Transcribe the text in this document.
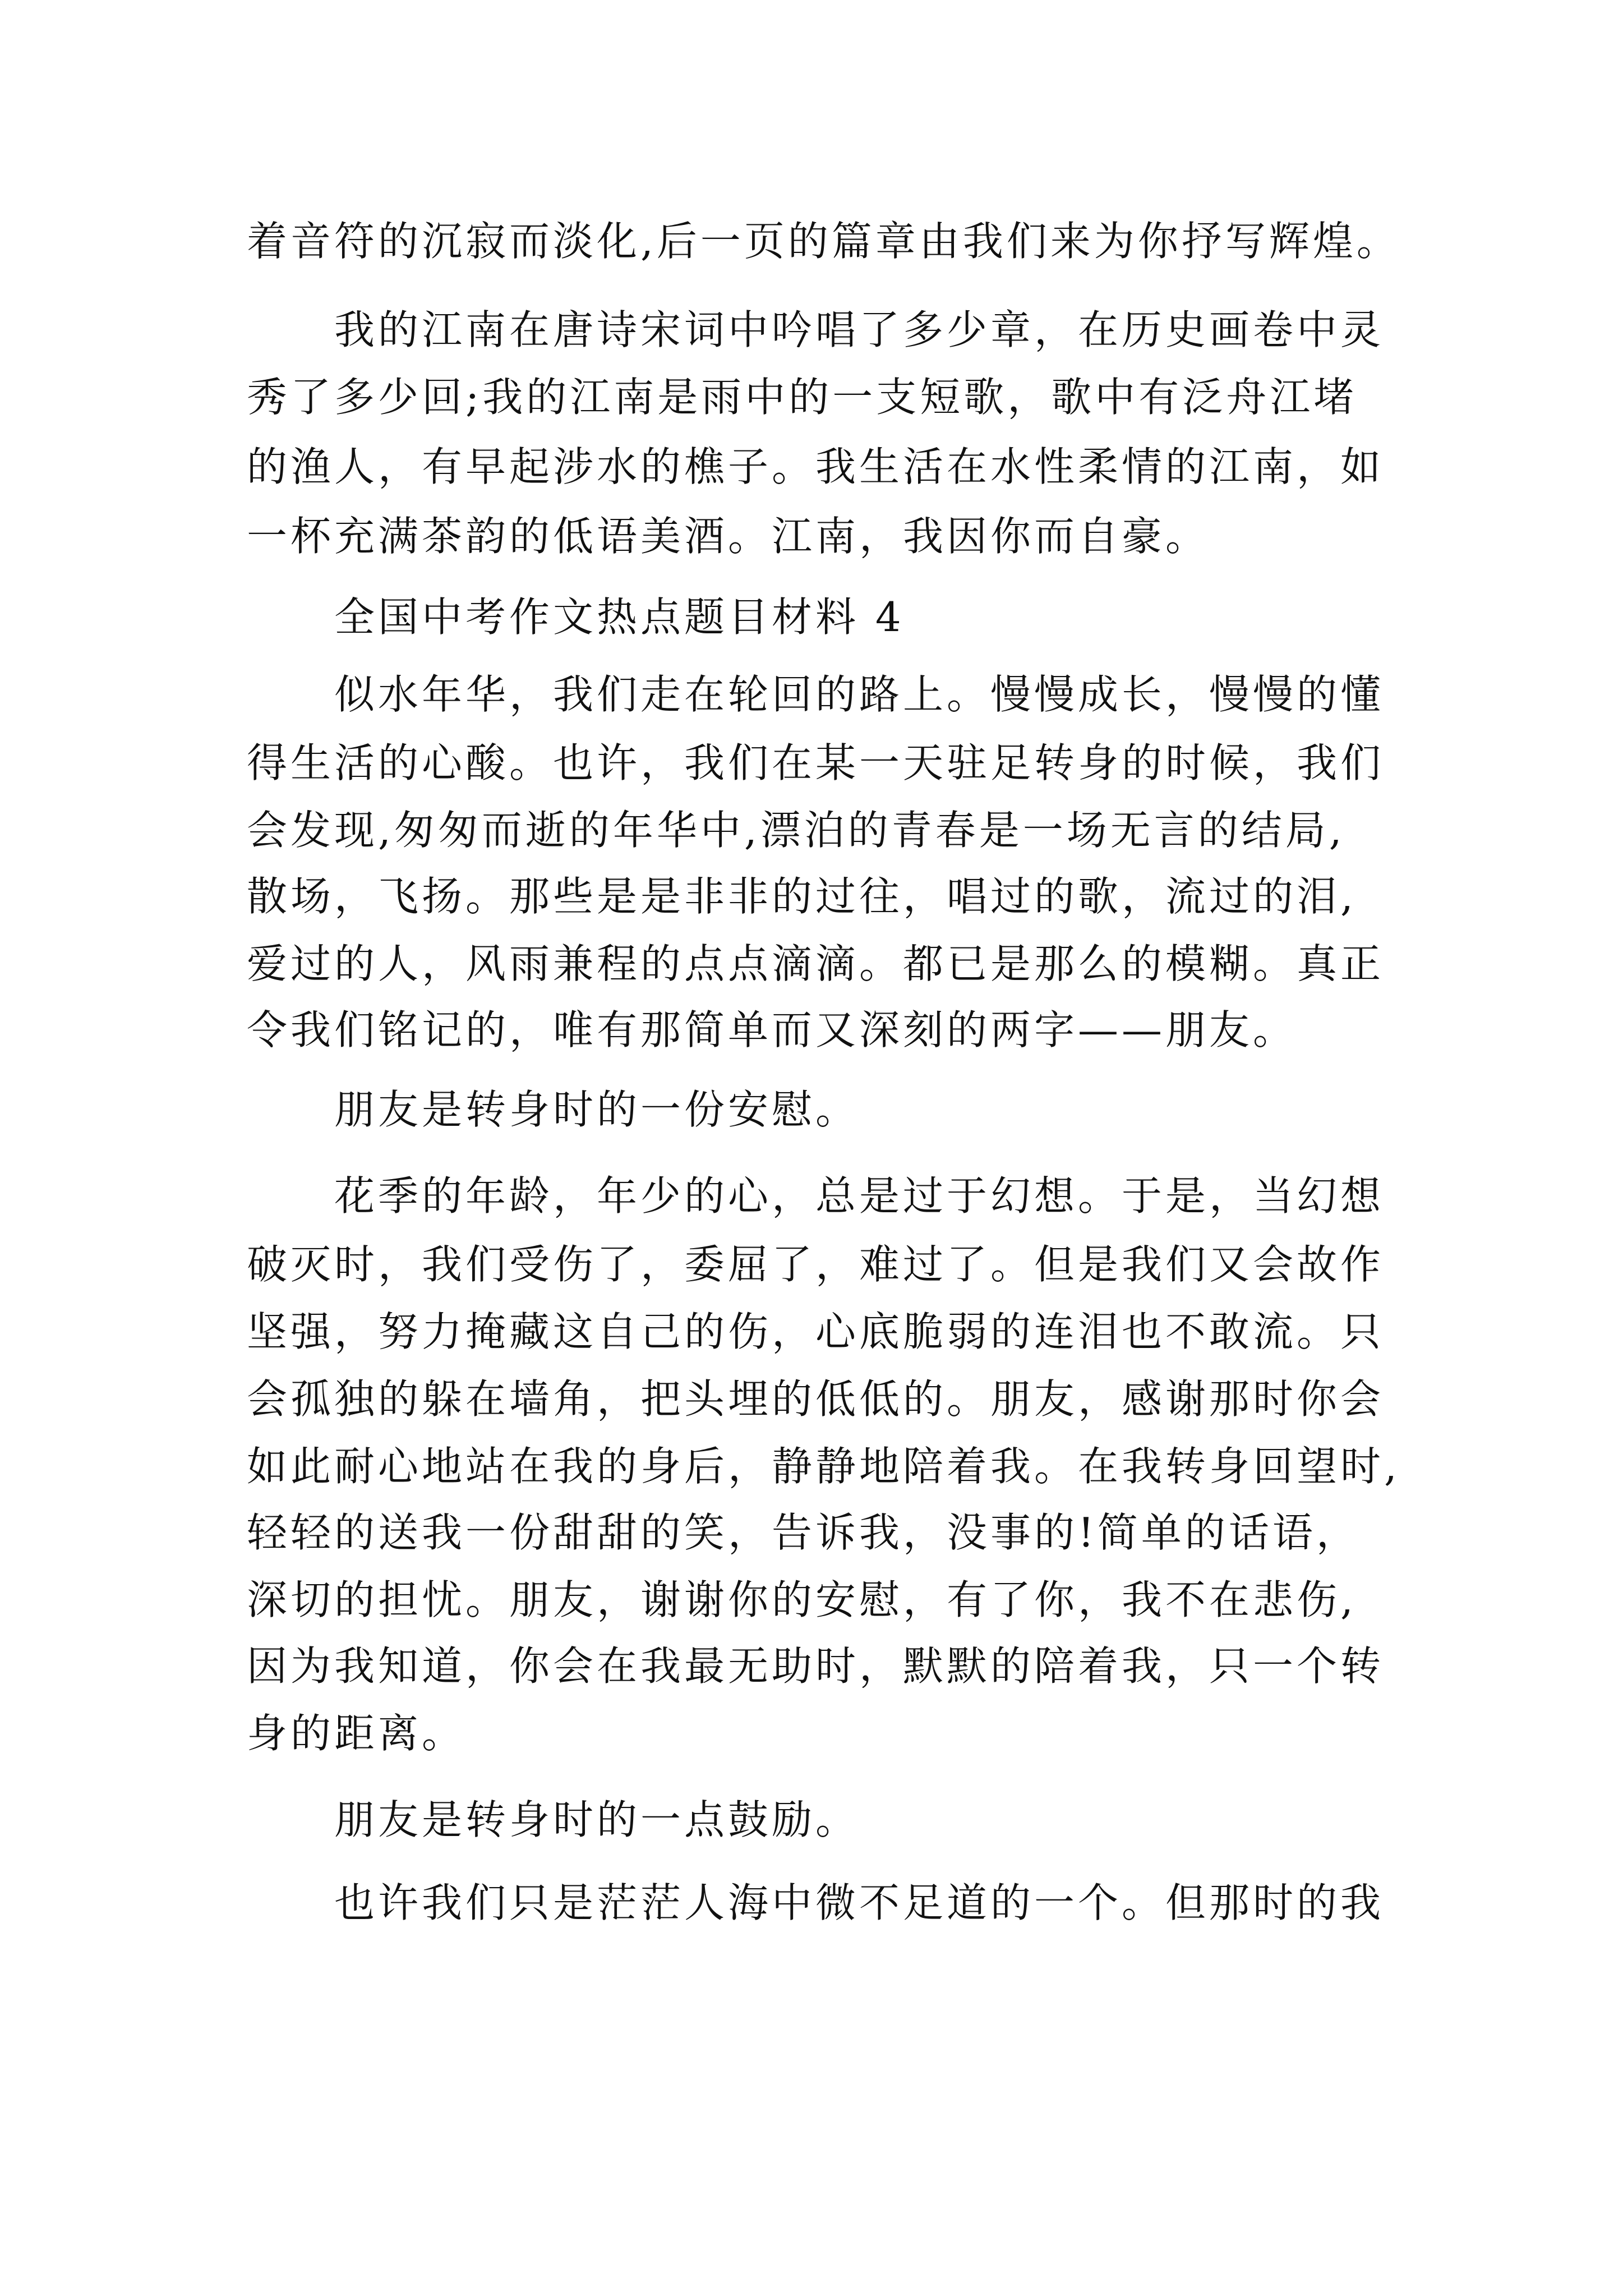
着音符的沉寂而淡化,后一页的篇章由我们来为你抒写辉煌。
我的江南在唐诗宋词中吟唱了多少章，在历史画卷中灵
秀了多少回;我的江南是雨中的一支短歌，歌中有泛舟江堵
的渔人，有早起涉水的樵子。我生活在水性柔情的江南，如
一杯充满茶韵的低语美酒。江南，我因你而自豪。
全国中考作文热点题目材料 4
似水年华，我们走在轮回的路上。慢慢成长，慢慢的懂
得生活的心酸。也许，我们在某一天驻足转身的时候，我们
会发现,匆匆而逝的年华中,漂泊的青春是一场无言的结局,
散场，飞扬。那些是是非非的过往，唱过的歌，流过的泪,
爱过的人，风雨兼程的点点滴滴。都已是那么的模糊。真正
令我们铭记的，唯有那简单而又深刻的两字——朋友。
朋友是转身时的一份安慰。
花季的年龄，年少的心，总是过于幻想。于是，当幻想
破灭时，我们受伤了，委屈了，难过了。但是我们又会故作
坚强，努力掩藏这自己的伤，心底脆弱的连泪也不敢流。只
会孤独的躲在墙角，把头埋的低低的。朋友，感谢那时你会
如此耐心地站在我的身后，静静地陪着我。在我转身回望时,
轻轻的送我一份甜甜的笑，告诉我，没事的!简单的话语，
深切的担忧。朋友，谢谢你的安慰，有了你，我不在悲伤,
因为我知道，你会在我最无助时，默默的陪着我，只一个转
身的距离。
朋友是转身时的一点鼓励。
也许我们只是茫茫人海中微不足道的一个。但那时的我
